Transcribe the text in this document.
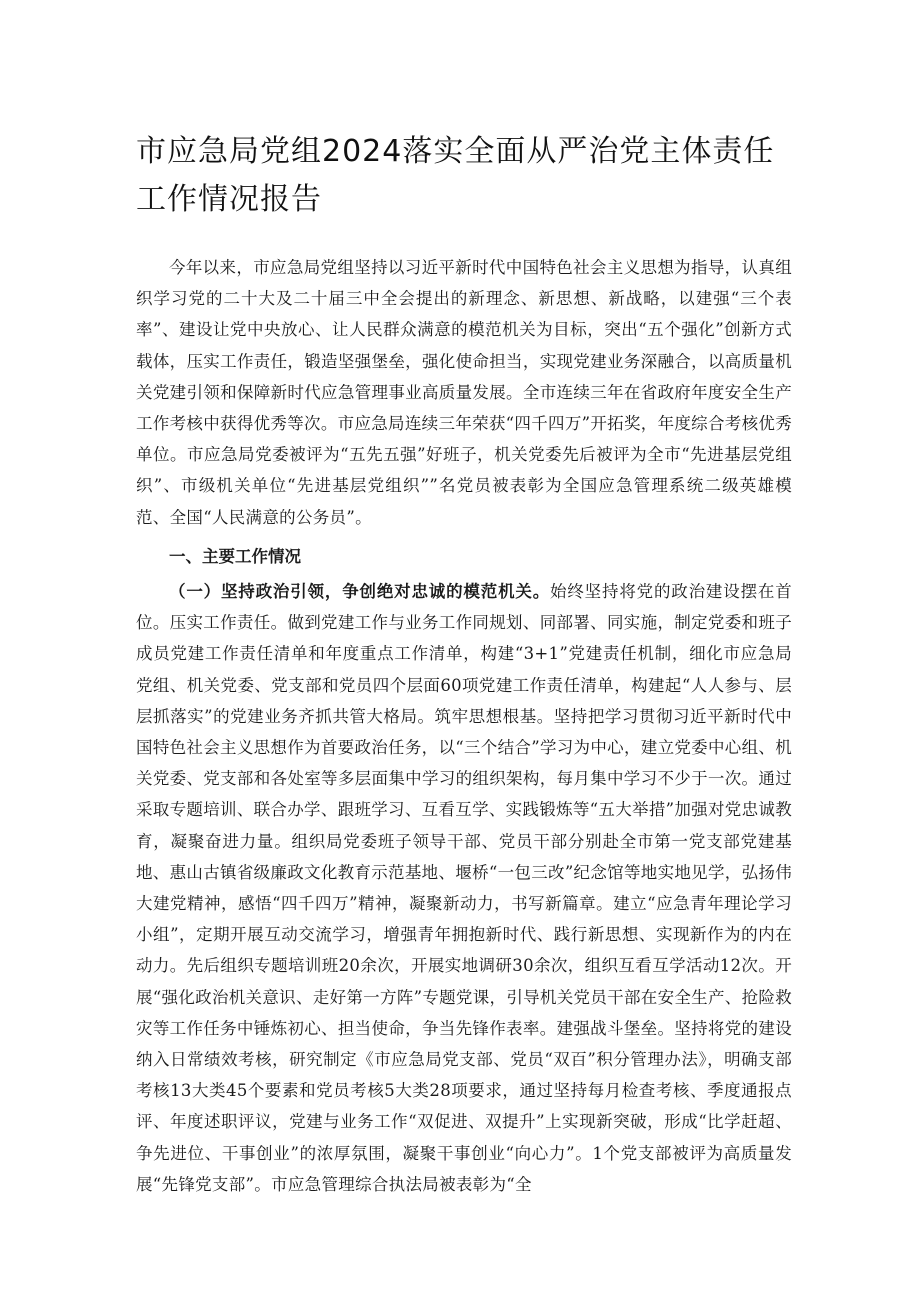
市应急局党组2024落实全面从严治党主体责任工作情况报告

今年以来，市应急局党组坚持以习近平新时代中国特色社会主义思想为指导，认真组织学习党的二十大及二十届三中全会提出的新理念、新思想、新战略，以建强“三个表率”、建设让党中央放心、让人民群众满意的模范机关为目标，突出“五个强化”创新方式载体，压实工作责任，锻造坚强堡垒，强化使命担当，实现党建业务深融合，以高质量机关党建引领和保障新时代应急管理事业高质量发展。全市连续三年在省政府年度安全生产工作考核中获得优秀等次。市应急局连续三年荣获“四千四万”开拓奖，年度综合考核优秀单位。市应急局党委被评为“五先五强”好班子，机关党委先后被评为全市“先进基层党组织”、市级机关单位“先进基层党组织””名党员被表彰为全国应急管理系统二级英雄模范、全国“人民满意的公务员”。

一、主要工作情况

（一）坚持政治引领，争创绝对忠诚的模范机关。始终坚持将党的政治建设摆在首位。压实工作责任。做到党建工作与业务工作同规划、同部署、同实施，制定党委和班子成员党建工作责任清单和年度重点工作清单，构建“3+1”党建责任机制，细化市应急局党组、机关党委、党支部和党员四个层面60项党建工作责任清单，构建起“人人参与、层层抓落实”的党建业务齐抓共管大格局。筑牢思想根基。坚持把学习贯彻习近平新时代中国特色社会主义思想作为首要政治任务，以“三个结合”学习为中心，建立党委中心组、机关党委、党支部和各处室等多层面集中学习的组织架构，每月集中学习不少于一次。通过采取专题培训、联合办学、跟班学习、互看互学、实践锻炼等“五大举措”加强对党忠诚教育，凝聚奋进力量。组织局党委班子领导干部、党员干部分别赴全市第一党支部党建基地、惠山古镇省级廉政文化教育示范基地、堰桥“一包三改”纪念馆等地实地见学，弘扬伟大建党精神，感悟“四千四万”精神，凝聚新动力，书写新篇章。建立“应急青年理论学习小组”，定期开展互动交流学习，增强青年拥抱新时代、践行新思想、实现新作为的内在动力。先后组织专题培训班20余次，开展实地调研30余次，组织互看互学活动12次。开展“强化政治机关意识、走好第一方阵”专题党课，引导机关党员干部在安全生产、抢险救灾等工作任务中锤炼初心、担当使命，争当先锋作表率。建强战斗堡垒。坚持将党的建设纳入日常绩效考核，研究制定《市应急局党支部、党员“双百”积分管理办法》，明确支部考核13大类45个要素和党员考核5大类28项要求，通过坚持每月检查考核、季度通报点评、年度述职评议，党建与业务工作“双促进、双提升”上实现新突破，形成“比学赶超、争先进位、干事创业”的浓厚氛围，凝聚干事创业“向心力”。1个党支部被评为高质量发展“先锋党支部”。市应急管理综合执法局被表彰为“全
